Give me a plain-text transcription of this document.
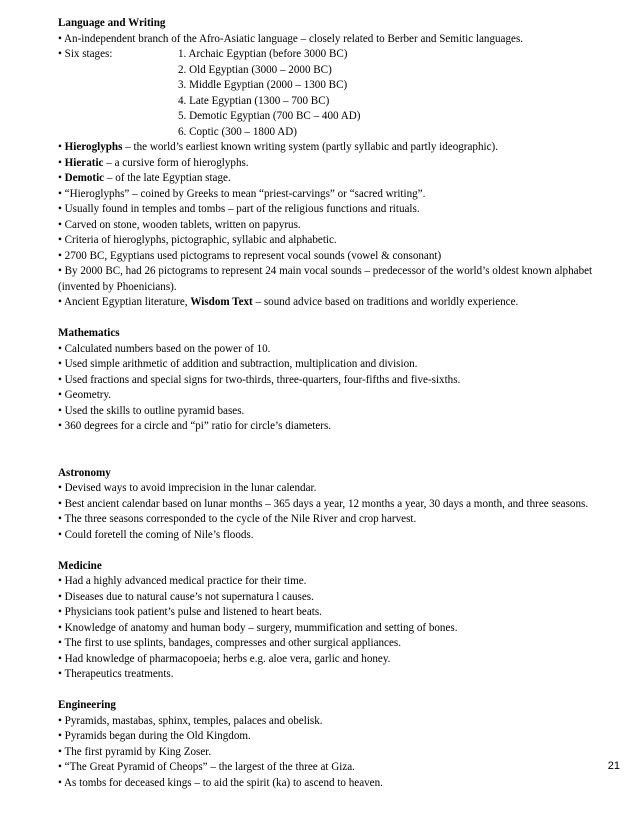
Language and Writing

• An-independent branch of the Afro-Asiatic language – closely related to Berber and Semitic languages.

• Six stages:	1. Archaic Egyptian (before 3000 BC)

2. Old Egyptian (3000 – 2000 BC)

3. Middle Egyptian (2000 – 1300 BC)

4. Late Egyptian (1300 – 700 BC)

5. Demotic Egyptian (700 BC – 400 AD)

6. Coptic (300 – 1800 AD)

• Hieroglyphs – the world’s earliest known writing system (partly syllabic and partly ideographic).

• Hieratic – a cursive form of hieroglyphs.

• Demotic – of the late Egyptian stage.

• “Hieroglyphs” – coined by Greeks to mean “priest-carvings” or “sacred writing”.

• Usually found in temples and tombs – part of the religious functions and rituals.

• Carved on stone, wooden tablets, written on papyrus.

• Criteria of hieroglyphs, pictographic, syllabic and alphabetic.

• 2700 BC, Egyptians used pictograms to represent vocal sounds (vowel & consonant)

• By 2000 BC, had 26 pictograms to represent 24 main vocal sounds – predecessor of the world’s oldest known alphabet (invented by Phoenicians).

• Ancient Egyptian literature, Wisdom Text – sound advice based on traditions and worldly experience.

Mathematics

• Calculated numbers based on the power of 10.

• Used simple arithmetic of addition and subtraction, multiplication and division.

• Used fractions and special signs for two-thirds, three-quarters, four-fifths and five-sixths.

• Geometry.

• Used the skills to outline pyramid bases.

• 360 degrees for a circle and “pi” ratio for circle’s diameters.

Astronomy

• Devised ways to avoid imprecision in the lunar calendar.

• Best ancient calendar based on lunar months – 365 days a year, 12 months a year, 30 days a month, and three seasons.

• The three seasons corresponded to the cycle of the Nile River and crop harvest.

• Could foretell the coming of Nile’s floods.

Medicine

• Had a highly advanced medical practice for their time.

• Diseases due to natural cause’s not supernatura l causes.

• Physicians took patient’s pulse and listened to heart beats.

• Knowledge of anatomy and human body – surgery, mummification and setting of bones.

• The first to use splints, bandages, compresses and other surgical appliances.

• Had knowledge of pharmacopoeia; herbs e.g. aloe vera, garlic and honey.

• Therapeutics treatments.

Engineering

• Pyramids, mastabas, sphinx, temples, palaces and obelisk.

• Pyramids began during the Old Kingdom.

• The first pyramid by King Zoser.

• “The Great Pyramid of Cheops” – the largest of the three at Giza.

• As tombs for deceased kings – to aid the spirit (ka) to ascend to heaven.

21
